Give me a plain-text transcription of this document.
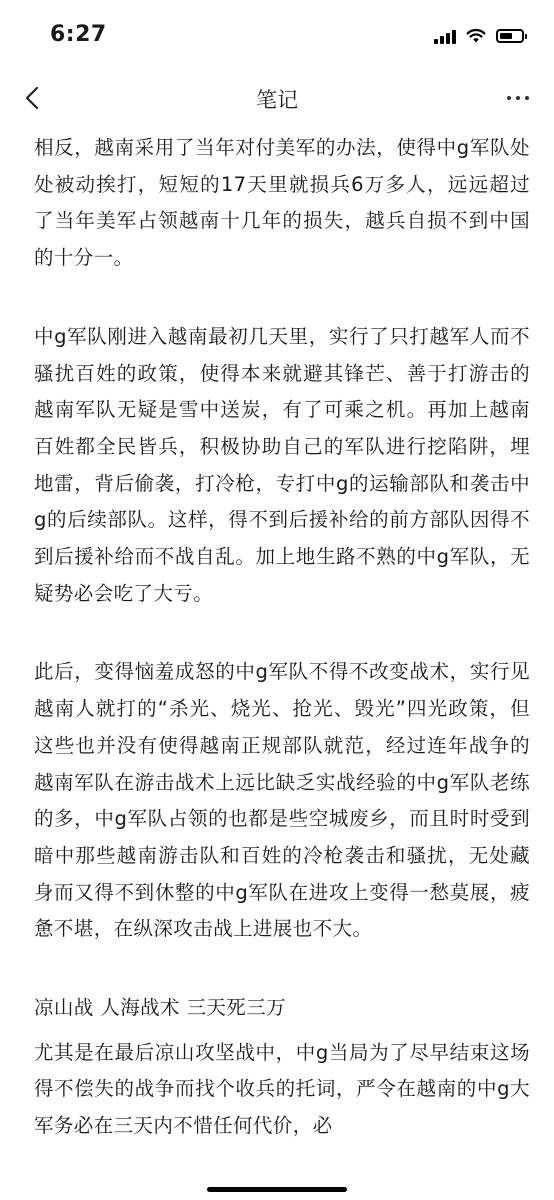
6:27
笔记

相反，越南采用了当年对付美军的办法，使得中g军队处处被动挨打，短短的17天里就损兵6万多人，远远超过了当年美军占领越南十几年的损失，越兵自损不到中国的十分一。

中g军队刚进入越南最初几天里，实行了只打越军人而不骚扰百姓的政策，使得本来就避其锋芒、善于打游击的越南军队无疑是雪中送炭，有了可乘之机。再加上越南百姓都全民皆兵，积极协助自己的军队进行挖陷阱，埋地雷，背后偷袭，打冷枪，专打中g的运输部队和袭击中g的后续部队。这样，得不到后援补给的前方部队因得不到后援补给而不战自乱。加上地生路不熟的中g军队，无疑势必会吃了大亏。

此后，变得恼羞成怒的中g军队不得不改变战术，实行见越南人就打的“杀光、烧光、抢光、毁光”四光政策，但这些也并没有使得越南正规部队就范，经过连年战争的越南军队在游击战术上远比缺乏实战经验的中g军队老练的多，中g军队占领的也都是些空城废乡，而且时时受到暗中那些越南游击队和百姓的冷枪袭击和骚扰，无处藏身而又得不到休整的中g军队在进攻上变得一愁莫展，疲惫不堪，在纵深攻击战上进展也不大。

凉山战 人海战术 三天死三万

尤其是在最后凉山攻坚战中，中g当局为了尽早结束这场得不偿失的战争而找个收兵的托词，严令在越南的中g大军务必在三天内不惜任何代价，必
